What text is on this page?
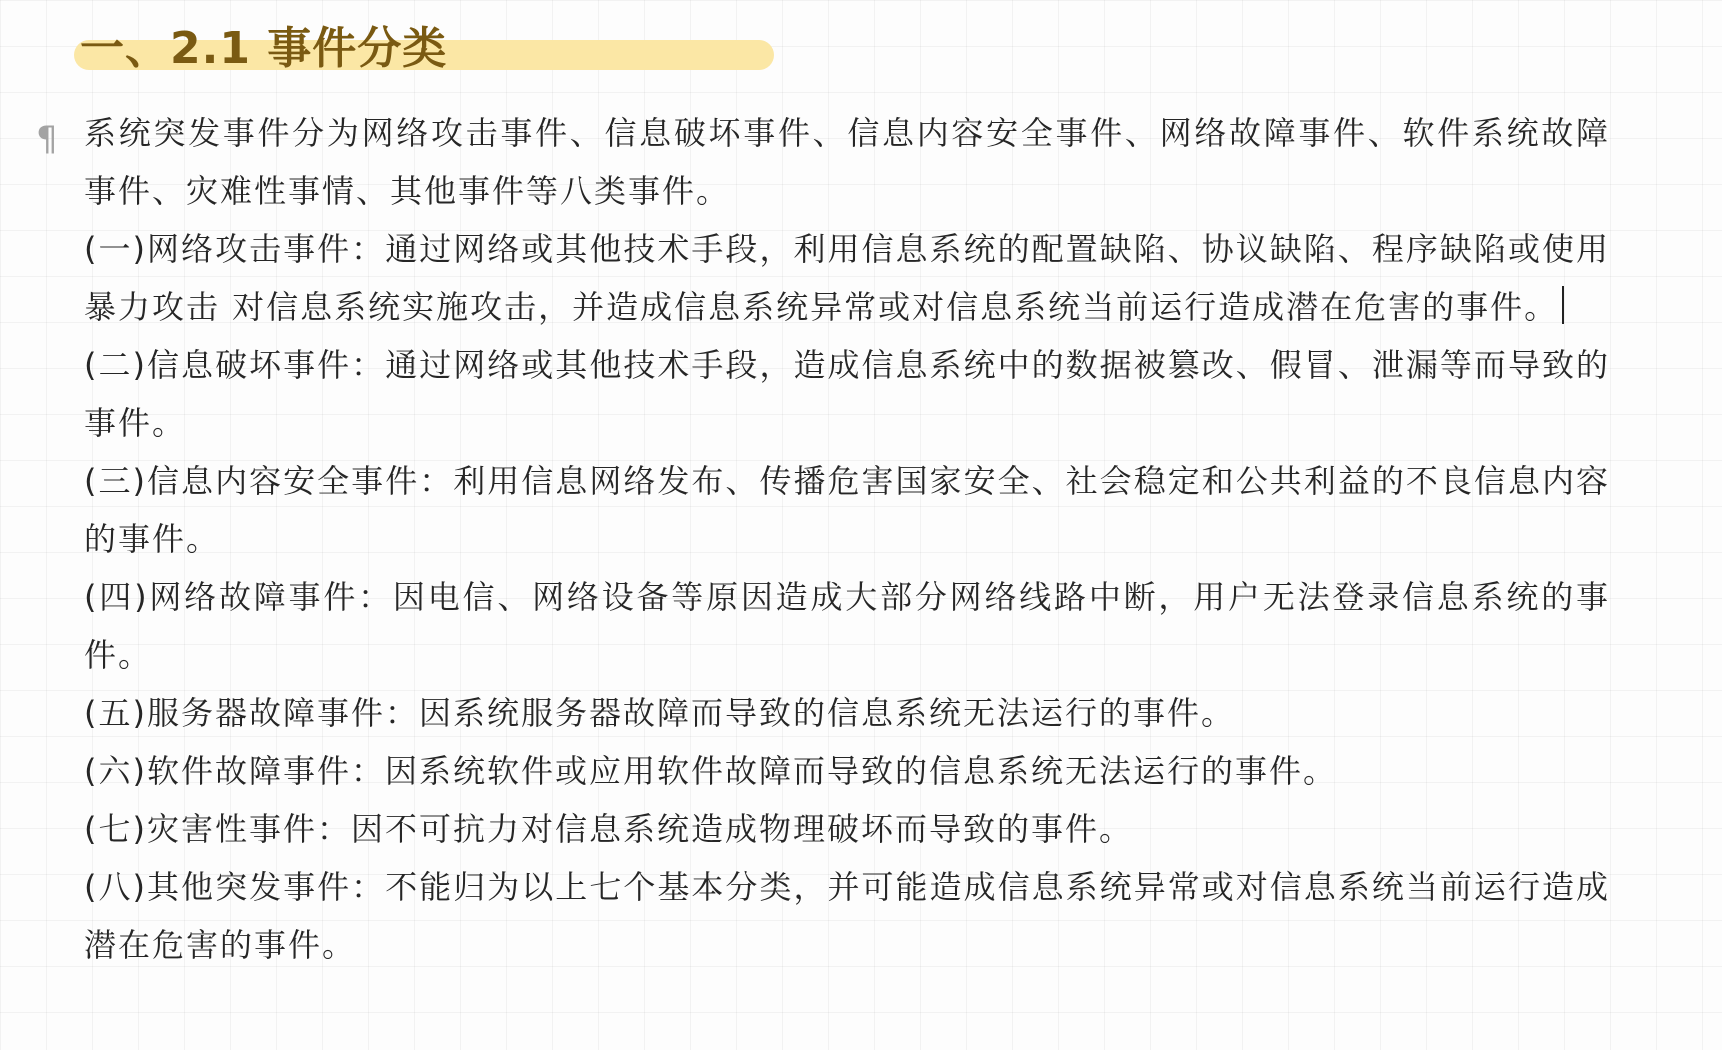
一、2.1 事件分类
¶ 系统突发事件分为网络攻击事件、信息破坏事件、信息内容安全事件、网络故障事件、软件系统故障事件、灾难性事情、其他事件等八类事件。

(一)网络攻击事件：通过网络或其他技术手段，利用信息系统的配置缺陷、协议缺陷、程序缺陷或使用暴力攻击 对信息系统实施攻击，并造成信息系统异常或对信息系统当前运行造成潜在危害的事件。

(二)信息破坏事件：通过网络或其他技术手段，造成信息系统中的数据被篡改、假冒、泄漏等而导致的事件。

(三)信息内容安全事件：利用信息网络发布、传播危害国家安全、社会稳定和公共利益的不良信息内容的事件。

(四)网络故障事件：因电信、网络设备等原因造成大部分网络线路中断，用户无法登录信息系统的事件。

(五)服务器故障事件：因系统服务器故障而导致的信息系统无法运行的事件。

(六)软件故障事件：因系统软件或应用软件故障而导致的信息系统无法运行的事件。

(七)灾害性事件：因不可抗力对信息系统造成物理破坏而导致的事件。

(八)其他突发事件：不能归为以上七个基本分类，并可能造成信息系统异常或对信息系统当前运行造成潜在危害的事件。
